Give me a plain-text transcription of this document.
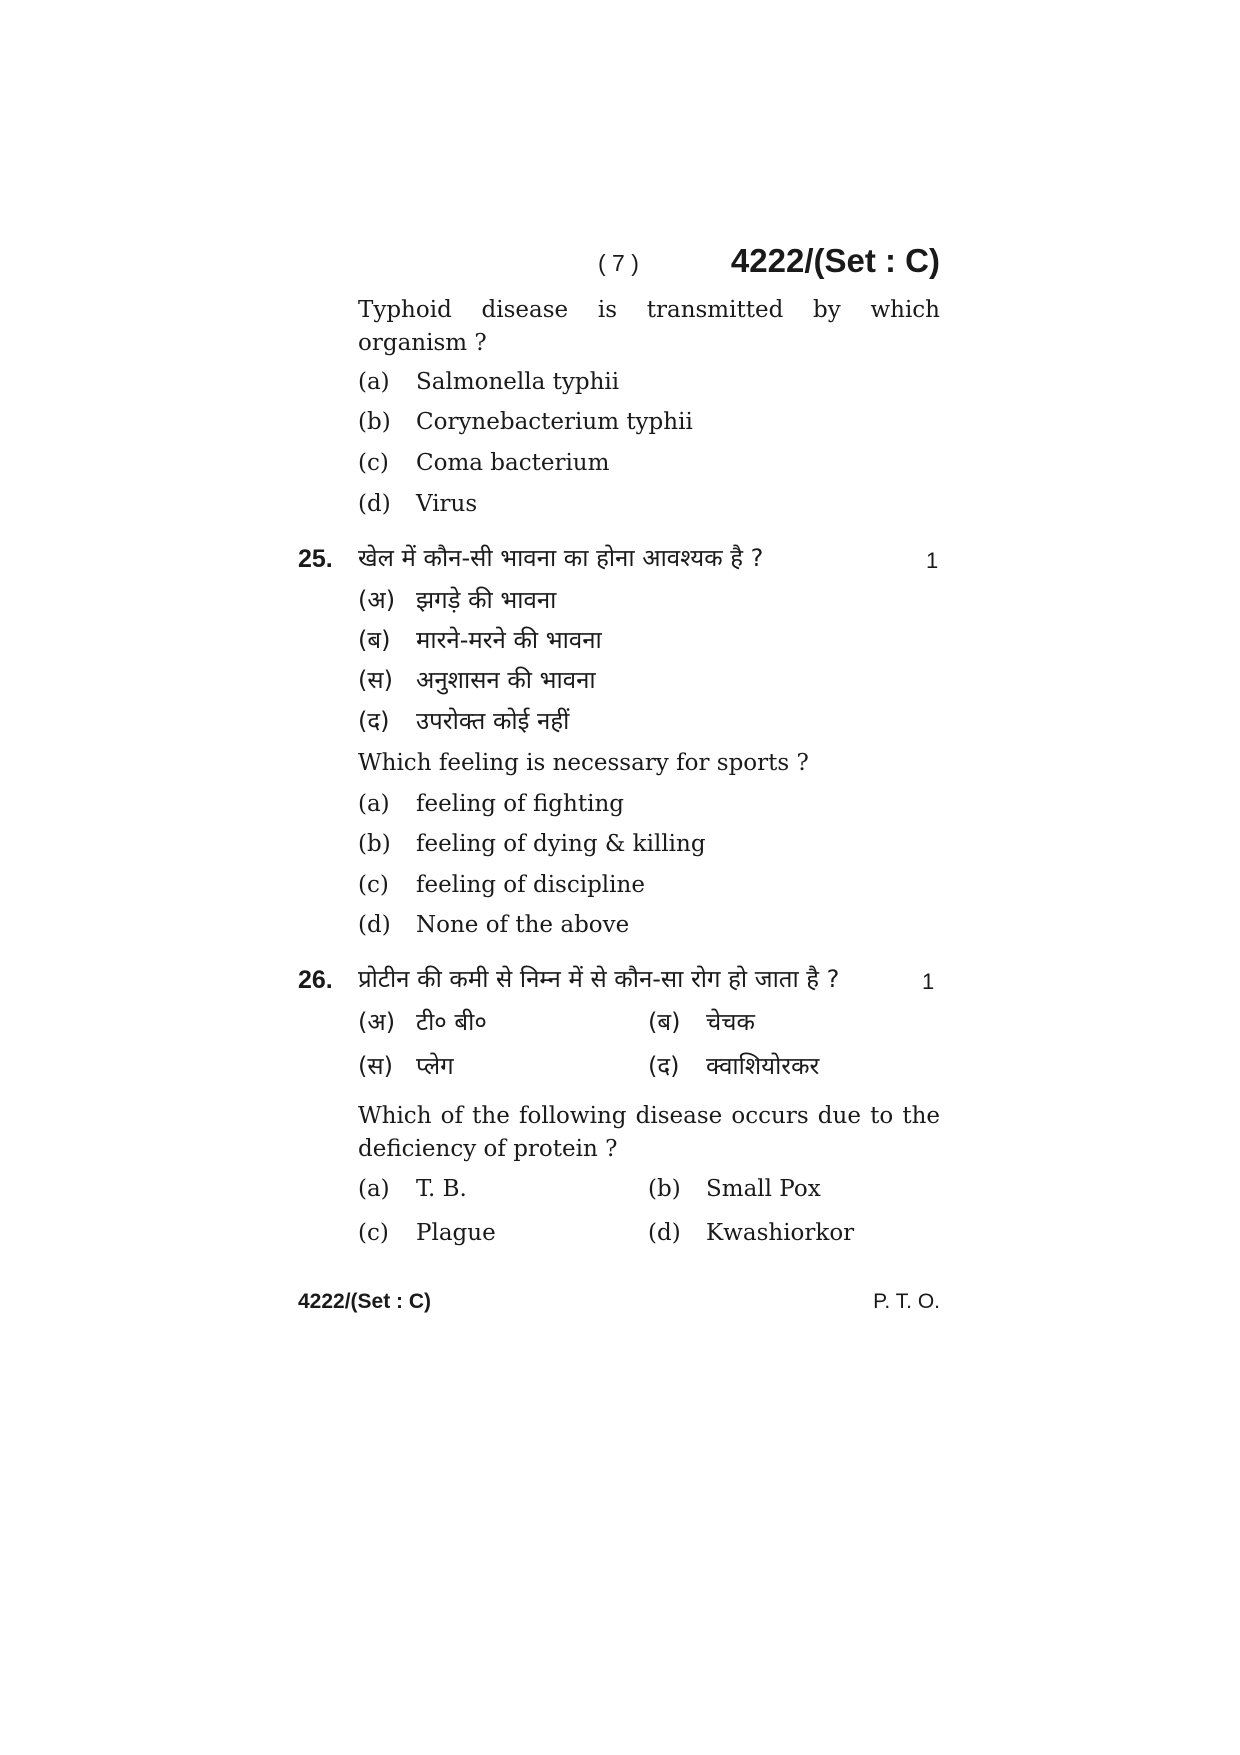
( 7 )	4222/(Set : C)
Typhoid disease is transmitted by which organism ?
(a) Salmonella typhii
(b) Corynebacterium typhii
(c) Coma bacterium
(d) Virus
25. खेल में कौन-सी भावना का होना आवश्यक है ?	1
(अ) झगड़े की भावना
(ब) मारने-मरने की भावना
(स) अनुशासन की भावना
(द) उपरोक्त कोई नहीं
Which feeling is necessary for sports ?
(a) feeling of fighting
(b) feeling of dying & killing
(c) feeling of discipline
(d) None of the above
26. प्रोटीन की कमी से निम्न में से कौन-सा रोग हो जाता है ?	1
(अ) टी० बी०	(ब) चेचक
(स) प्लेग	(द) क्वाशियोरकर
Which of the following disease occurs due to the deficiency of protein ?
(a) T. B.	(b) Small Pox
(c) Plague	(d) Kwashiorkor
4222/(Set : C)	P. T. O.
